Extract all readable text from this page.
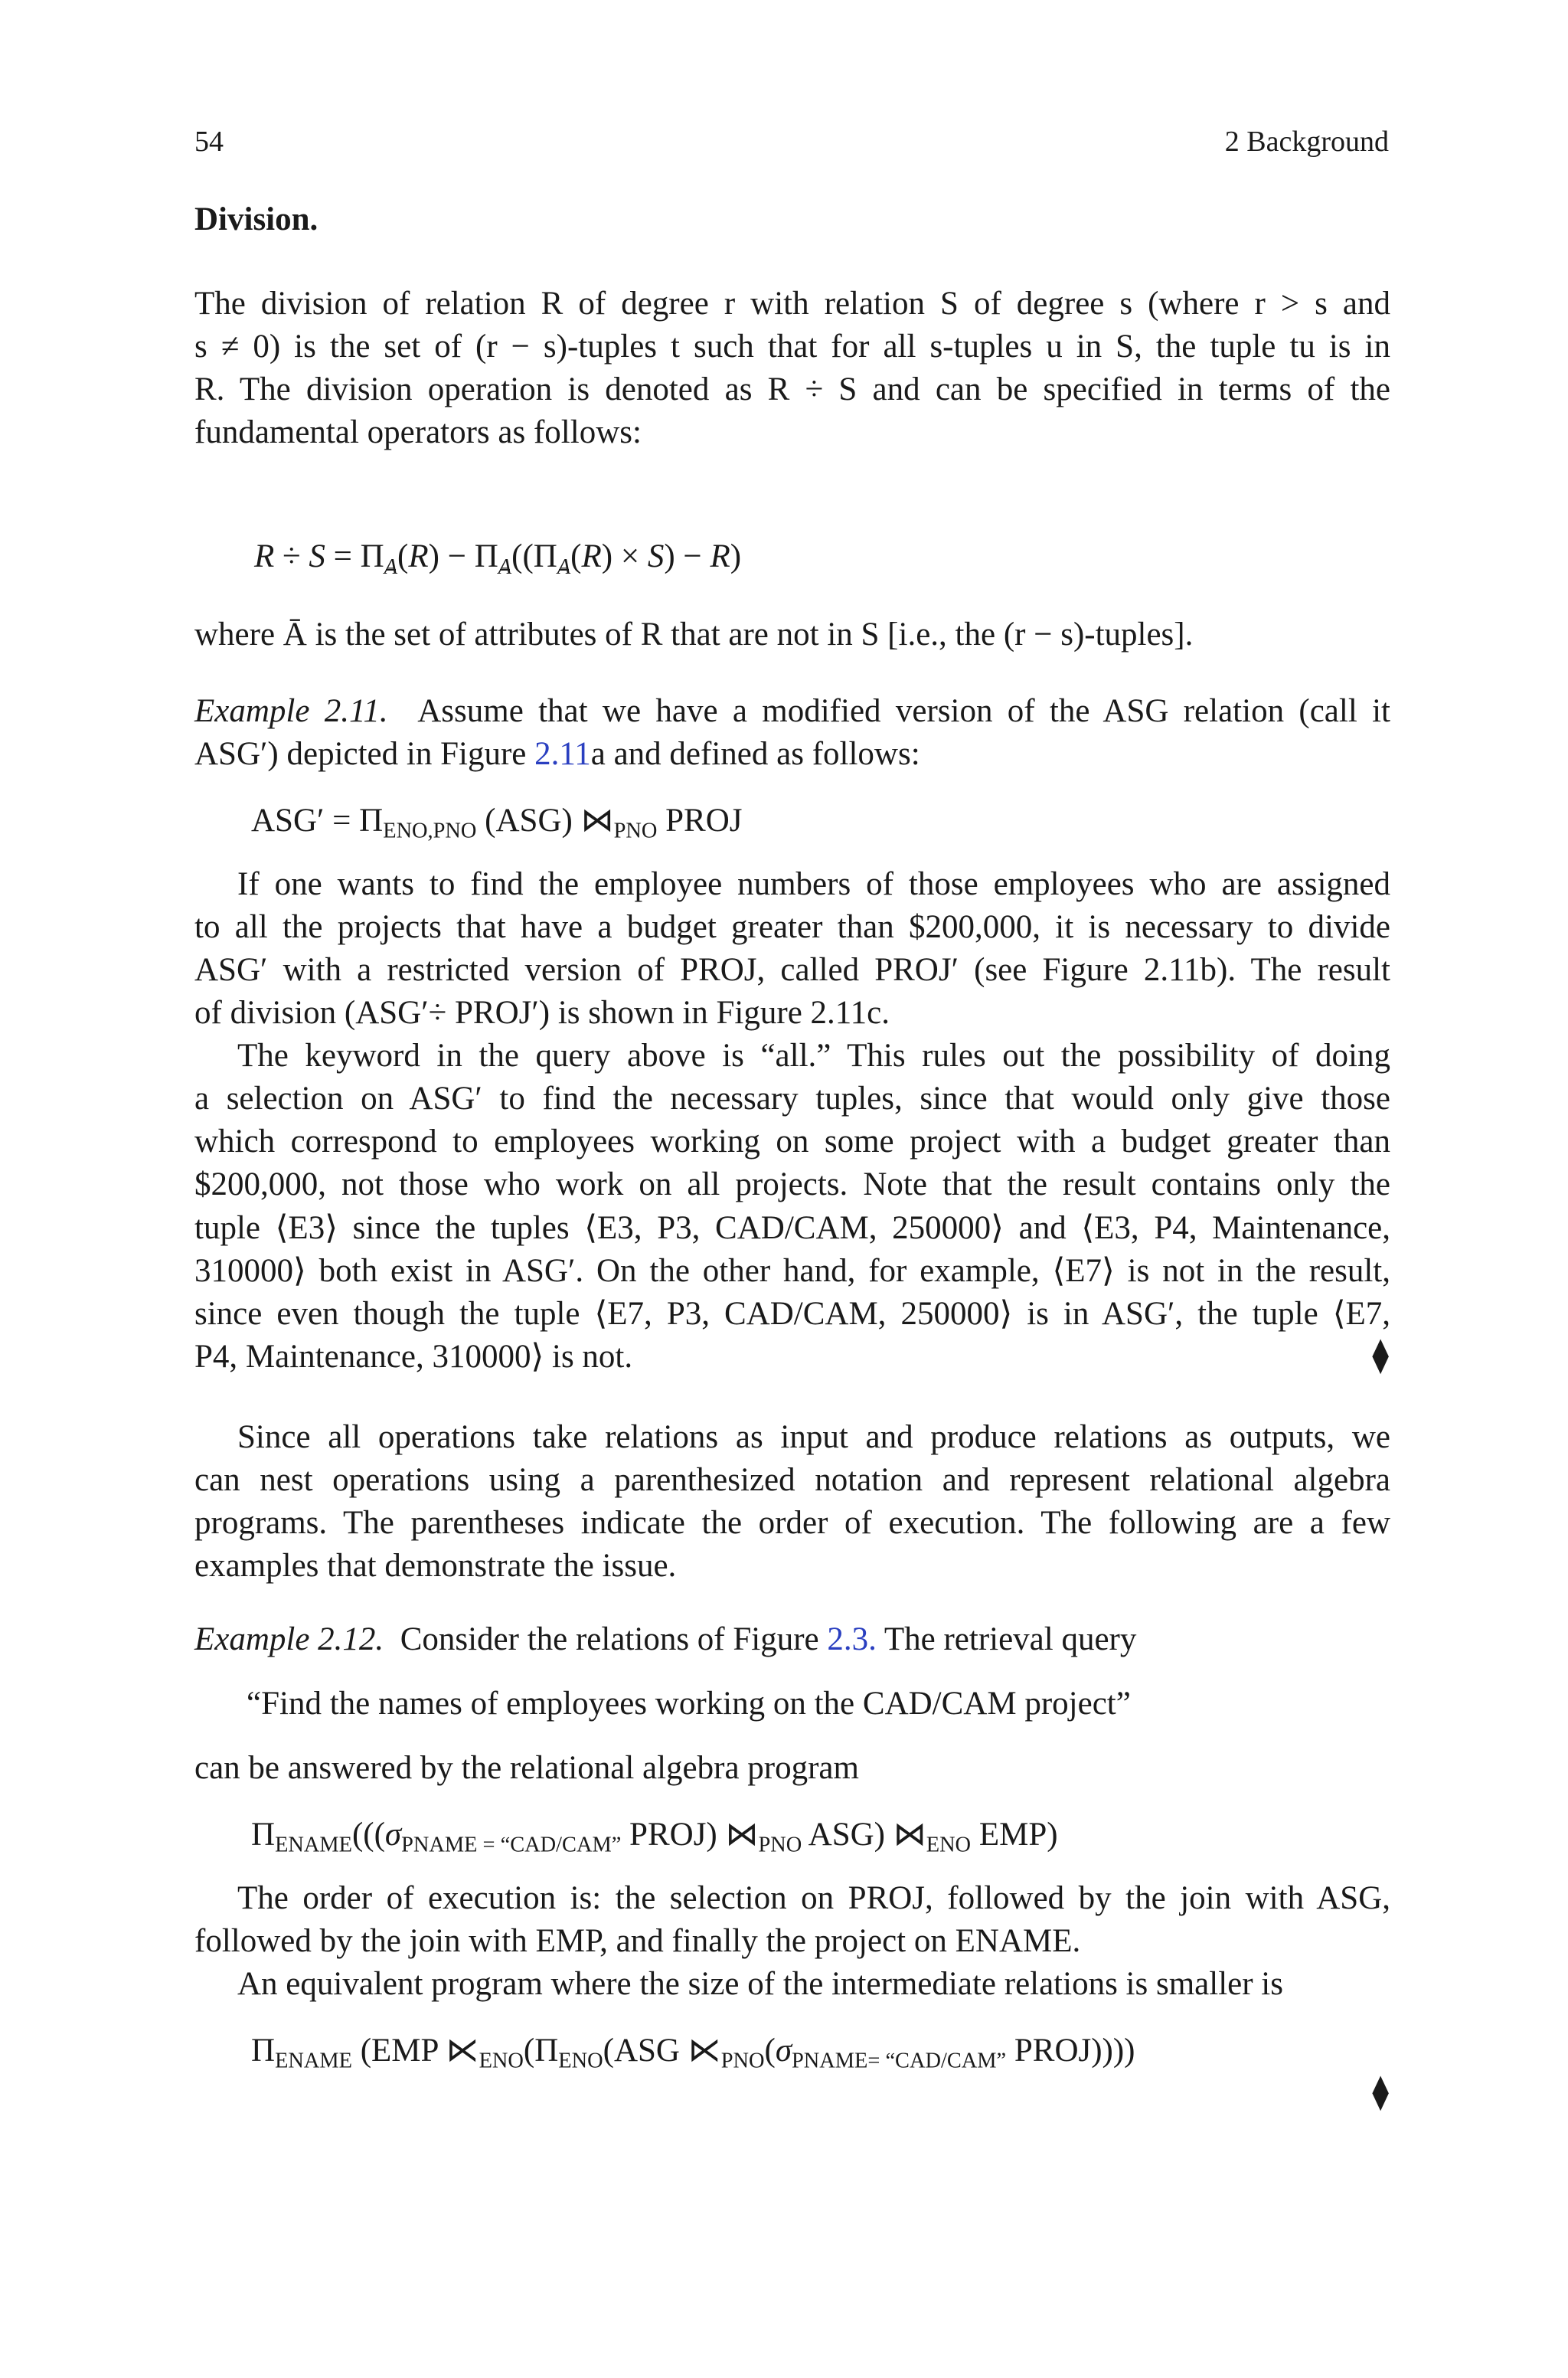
54	2 Background
Division.
The division of relation R of degree r with relation S of degree s (where r > s and
s ≠ 0) is the set of (r − s)-tuples t such that for all s-tuples u in S, the tuple tu is in
R. The division operation is denoted as R ÷ S and can be specified in terms of the
fundamental operators as follows:
$R \div S = \Pi_A(R) - \Pi_A((\Pi_A(R) \times S) - R)$
where Ā is the set of attributes of R that are not in S [i.e., the (r − s)-tuples].
Example 2.11. Assume that we have a modified version of the ASG relation (call it
ASG′) depicted in Figure 2.11a and defined as follows:
$ASG' = \Pi_{ENO,PNO}$ (ASG) $⋈_{PNO}$ PROJ
If one wants to find the employee numbers of those employees who are assigned
to all the projects that have a budget greater than $200,000, it is necessary to divide
ASG′ with a restricted version of PROJ, called PROJ′ (see Figure 2.11b). The result
of division (ASG′÷ PROJ′) is shown in Figure 2.11c.
The keyword in the query above is “all.” This rules out the possibility of doing
a selection on ASG′ to find the necessary tuples, since that would only give those
which correspond to employees working on some project with a budget greater than
$200,000, not those who work on all projects. Note that the result contains only the
tuple ⟨E3⟩ since the tuples ⟨E3, P3, CAD/CAM, 250000⟩ and ⟨E3, P4, Maintenance,
310000⟩ both exist in ASG′. On the other hand, for example, ⟨E7⟩ is not in the result,
since even though the tuple ⟨E7, P3, CAD/CAM, 250000⟩ is in ASG′, the tuple ⟨E7,
P4, Maintenance, 310000⟩ is not.	⧫
Since all operations take relations as input and produce relations as outputs, we
can nest operations using a parenthesized notation and represent relational algebra
programs. The parentheses indicate the order of execution. The following are a few
examples that demonstrate the issue.
Example 2.12. Consider the relations of Figure 2.3. The retrieval query
“Find the names of employees working on the CAD/CAM project”
can be answered by the relational algebra program
$\Pi_{ENAME}(((\sigma_{PNAME = “CAD/CAM”}$ PROJ) $⋈_{PNO}$ ASG) $⋈_{ENO}$ EMP)
The order of execution is: the selection on PROJ, followed by the join with ASG,
followed by the join with EMP, and finally the project on ENAME.
An equivalent program where the size of the intermediate relations is smaller is
$\Pi_{ENAME}$ (EMP $⋉_{ENO}(\Pi_{ENO}(ASG$ $⋉_{PNO}(\sigma_{PNAME= “CAD/CAM”}$ PROJ))))
⧫
